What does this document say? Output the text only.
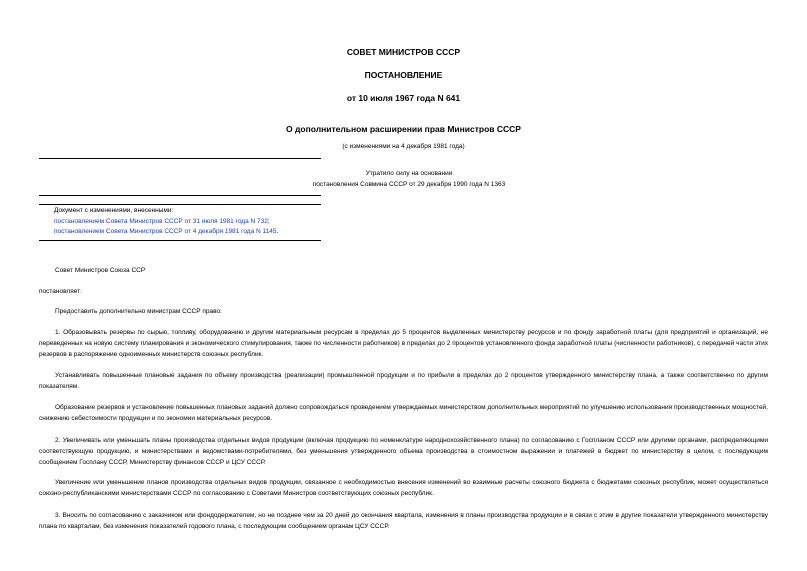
СОВЕТ МИНИСТРОВ СССР
ПОСТАНОВЛЕНИЕ
от 10 июля 1967 года N 641
О дополнительном расширении прав Министров СССР
(с изменениями на 4 декабря 1981 года)
Утратило силу на основании
постановления Совмина СССР от 29 декабря 1990 года N 1363
Документ с изменениями, внесенными:
постановлением Совета Министров СССР от 31 июля 1981 года N 732;
постановлением Совета Министров СССР от 4 декабря 1981 года N 1145.
Совет Министров Союза ССР
постановляет:
Предоставить дополнительно министрам СССР право:
1. Образовывать резервы по сырью, топливу, оборудованию и другим материальным ресурсам в пределах до 5 процентов выделенных министерству ресурсов и по фонду заработной платы (для предприятий и организаций, не переведенных на новую систему планирования и экономического стимулирования, также по численности работников) в пределах до 2 процентов установленного фонда заработной платы (численности работников), с передачей части этих резервов в распоряжение одноименных министерств союзных республик.
Устанавливать повышенные плановые задания по объему производства (реализации) промышленной продукции и по прибыли в пределах до 2 процентов утвержденного министерству плана, а также соответственно по другим показателям.
Образование резервов и установление повышенных плановых заданий должно сопровождаться проведением утверждаемых министерством дополнительных мероприятий по улучшению использования производственных мощностей, снижению себестоимости продукции и по экономии материальных ресурсов.
2. Увеличивать или уменьшать планы производства отдельных видов продукции (включая продукцию по номенклатуре народнохозяйственного плана) по согласованию с Госпланом СССР или другими органами, распределяющими соответствующую продукцию, и министерствами и ведомствами-потребителями, без уменьшения утвержденного объема производства в стоимостном выражении и платежей в бюджет по министерству в целом, с последующим сообщением Госплану СССР, Министерству финансов СССР и ЦСУ СССР.
Увеличение или уменьшение планов производства отдельных видов продукции, связанное с необходимостью внесения изменений во взаимные расчеты союзного бюджета с бюджетами союзных республик, может осуществляться союзно-республиканскими министерствами СССР по согласованию с Советами Министров соответствующих союзных республик.
3. Вносить по согласованию с заказчиком или фондодержателем, но не позднее чем за 20 дней до окончания квартала, изменения в планы производства продукции и в связи с этим в другие показатели утвержденного министерству плана по кварталам, без изменения показателей годового плана, с последующим сообщением органам ЦСУ СССР.
